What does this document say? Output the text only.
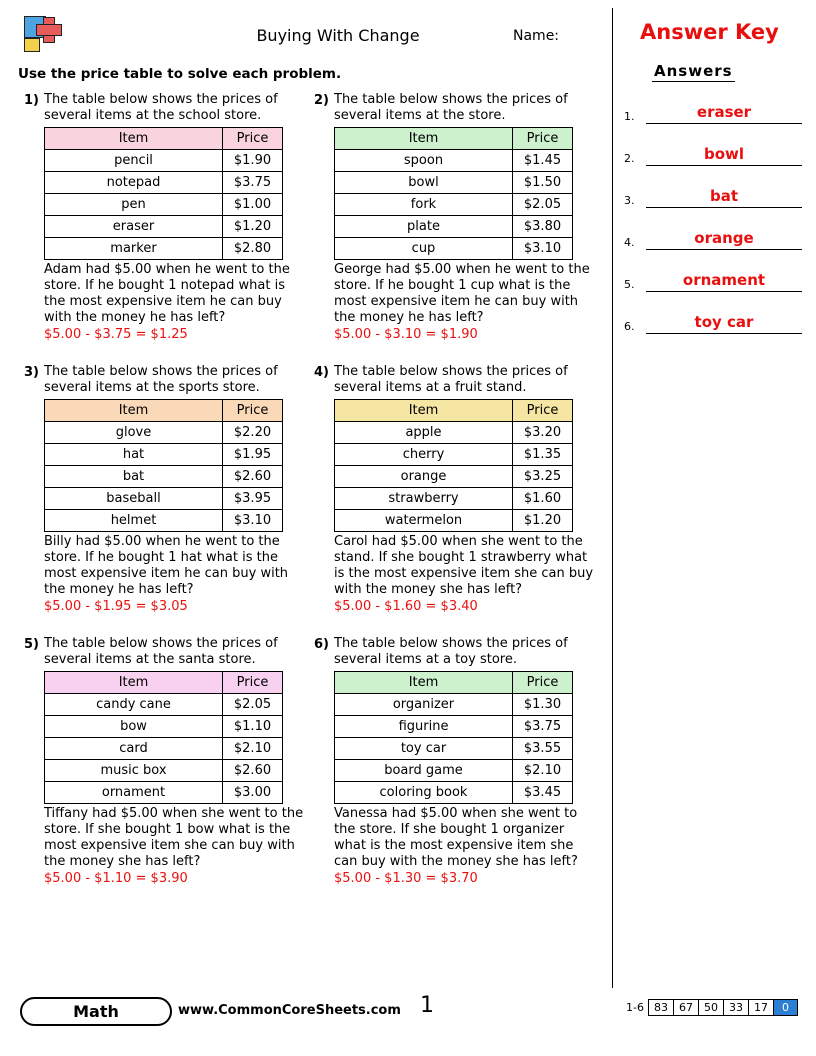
Buying With Change	Name:	Answer Key
Use the price table to solve each problem.
1) The table below shows the prices of several items at the school store.
Item	Price
pencil	$1.90
notepad	$3.75
pen	$1.00
eraser	$1.20
marker	$2.80
Adam had $5.00 when he went to the store. If he bought 1 notepad what is the most expensive item he can buy with the money he has left?
$5.00 - $3.75 = $1.25
2) The table below shows the prices of several items at the store.
Item	Price
spoon	$1.45
bowl	$1.50
fork	$2.05
plate	$3.80
cup	$3.10
George had $5.00 when he went to the store. If he bought 1 cup what is the most expensive item he can buy with the money he has left?
$5.00 - $3.10 = $1.90
3) The table below shows the prices of several items at the sports store.
Item	Price
glove	$2.20
hat	$1.95
bat	$2.60
baseball	$3.95
helmet	$3.10
Billy had $5.00 when he went to the store. If he bought 1 hat what is the most expensive item he can buy with the money he has left?
$5.00 - $1.95 = $3.05
4) The table below shows the prices of several items at a fruit stand.
Item	Price
apple	$3.20
cherry	$1.35
orange	$3.25
strawberry	$1.60
watermelon	$1.20
Carol had $5.00 when she went to the stand. If she bought 1 strawberry what is the most expensive item she can buy with the money she has left?
$5.00 - $1.60 = $3.40
5) The table below shows the prices of several items at the santa store.
Item	Price
candy cane	$2.05
bow	$1.10
card	$2.10
music box	$2.60
ornament	$3.00
Tiffany had $5.00 when she went to the store. If she bought 1 bow what is the most expensive item she can buy with the money she has left?
$5.00 - $1.10 = $3.90
6) The table below shows the prices of several items at a toy store.
Item	Price
organizer	$1.30
figurine	$3.75
toy car	$3.55
board game	$2.10
coloring book	$3.45
Vanessa had $5.00 when she went to the store. If she bought 1 organizer what is the most expensive item she can buy with the money she has left?
$5.00 - $1.30 = $3.70
Answers
1.	eraser
2.	bowl
3.	bat
4.	orange
5.	ornament
6.	toy car
Math	www.CommonCoreSheets.com 1	1-6 83	67	50	33	17	0
